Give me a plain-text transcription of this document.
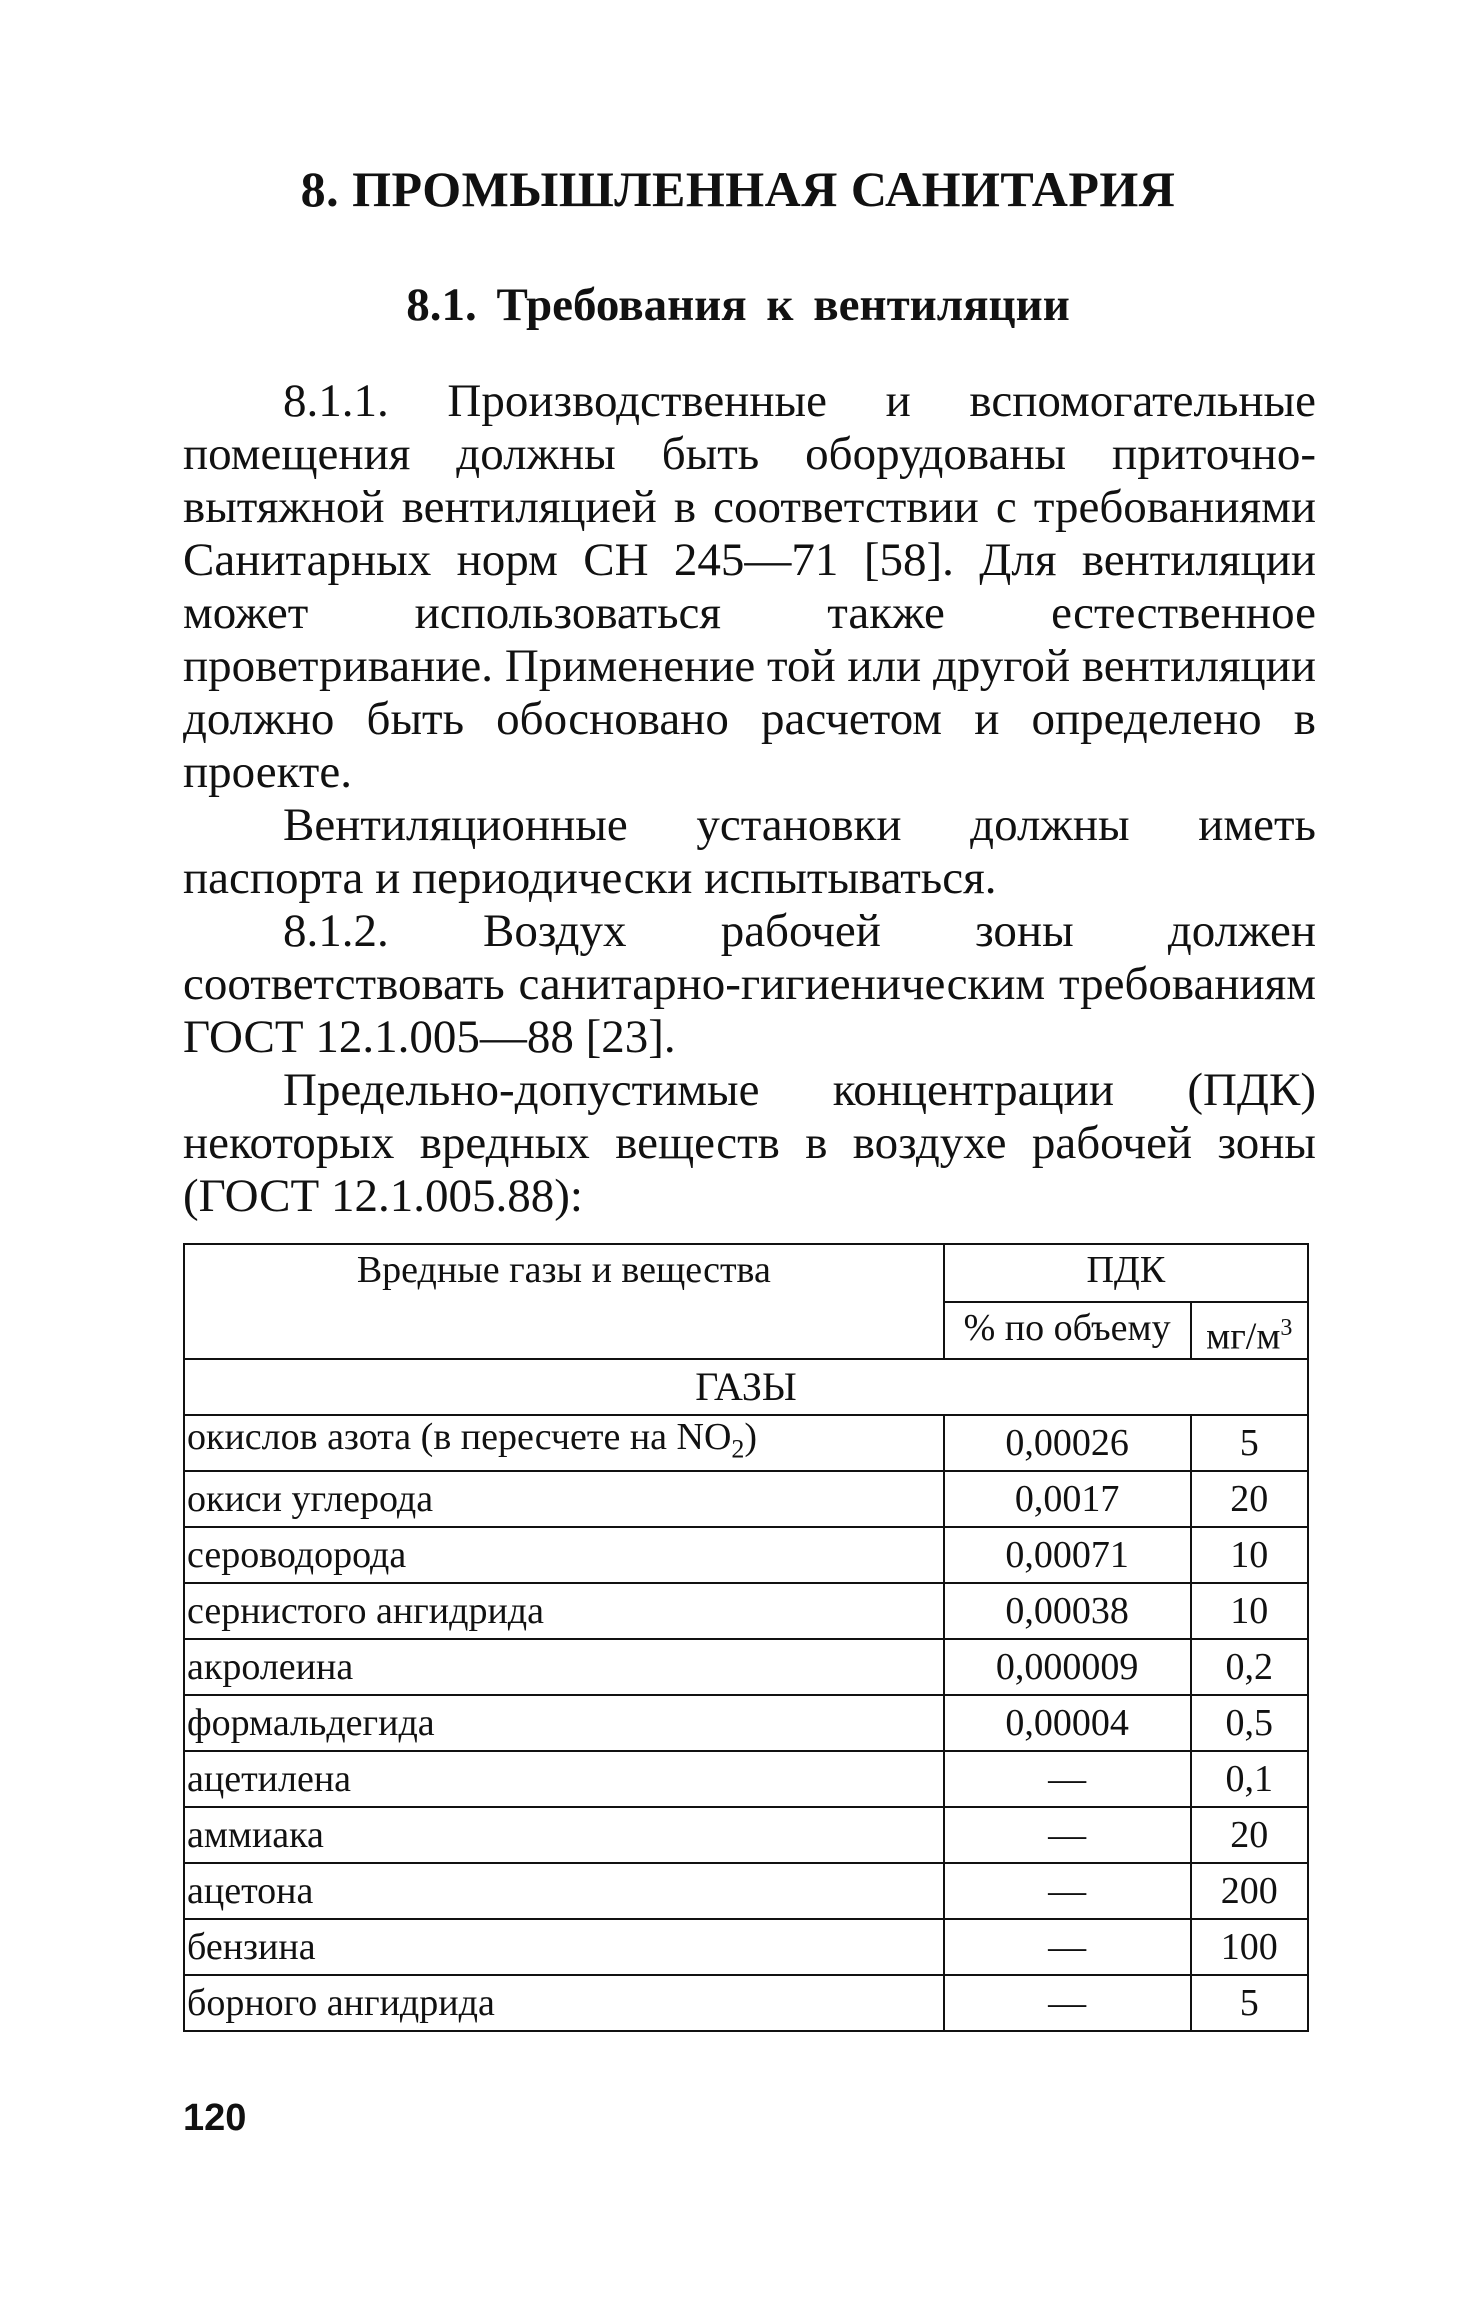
8. ПРОМЫШЛЕННАЯ САНИТАРИЯ
8.1. Требования к вентиляции

8.1.1. Производственные и вспомогательные помещения должны быть оборудованы приточно-вытяжной вентиляцией в соответствии с требованиями Санитарных норм СН 245—71 [58]. Для вентиляции может использоваться также естественное проветривание. Применение той или другой вентиляции должно быть обосновано расчетом и определено в проекте.

Вентиляционные установки должны иметь паспорта и периодически испытываться.

8.1.2. Воздух рабочей зоны должен соответствовать санитарно-гигиеническим требованиям ГОСТ 12.1.005—88 [23].

Предельно-допустимые концентрации (ПДК) некоторых вредных веществ в воздухе рабочей зоны (ГОСТ 12.1.005.88):

Вредные газы и вещества	ПДК	
	% по объему	$мг/м^3$
ГАЗЫ		
окислов азота (в пересчете на $NO_2$)	0,00026	5
окиси углерода	0,0017	20
сероводорода	0,00071	10
сернистого ангидрида	0,00038	10
акролеина	0,000009	0,2
формальдегида	0,00004	0,5
ацетилена	—	0,1
аммиака	—	20
ацетона	—	200
бензина	—	100
борного ангидрида	—	5
120
